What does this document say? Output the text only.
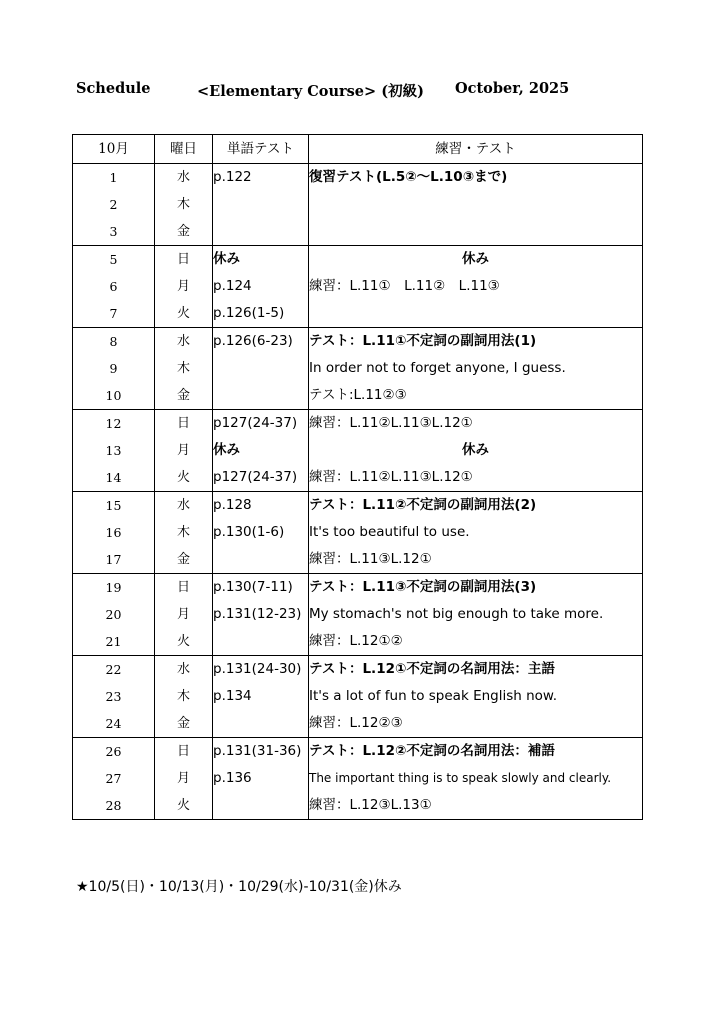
Schedule	<Elementary Course> (初級) October, 2025
10月	曜日	単語テスト	練習・テスト
1	水	p.122	復習テスト(L.5②～L.10③まで)
2	木		
3	金		
5	日	休み	休み
6	月	p.124	練習：L.11①　L.11②　L.11③
7	火	p.126(1-5)	
8	水	p.126(6-23)	テスト：L.11①不定詞の副詞用法(1)
9	木		In order not to forget anyone, I guess.
10	金		テスト:L.11②③
12	日	p127(24-37)	練習：L.11②L.11③L.12①
13	月	休み	休み
14	火	p127(24-37)	練習：L.11②L.11③L.12①
15	水	p.128	テスト：L.11②不定詞の副詞用法(2)
16	木	p.130(1-6)	It's too beautiful to use.
17	金		練習：L.11③L.12①
19	日	p.130(7-11)	テスト：L.11③不定詞の副詞用法(3)
20	月	p.131(12-23)	My stomach's not big enough to take more.
21	火		練習：L.12①②
22	水	p.131(24-30)	テスト：L.12①不定詞の名詞用法：主語
23	木	p.134	It's a lot of fun to speak English now.
24	金		練習：L.12②③
26	日	p.131(31-36)	テスト：L.12②不定詞の名詞用法：補語
27	月	p.136	The important thing is to speak slowly and clearly.
28	火		練習：L.12③L.13①
★10/5(日)・10/13(月)・10/29(水)-10/31(金)休み
